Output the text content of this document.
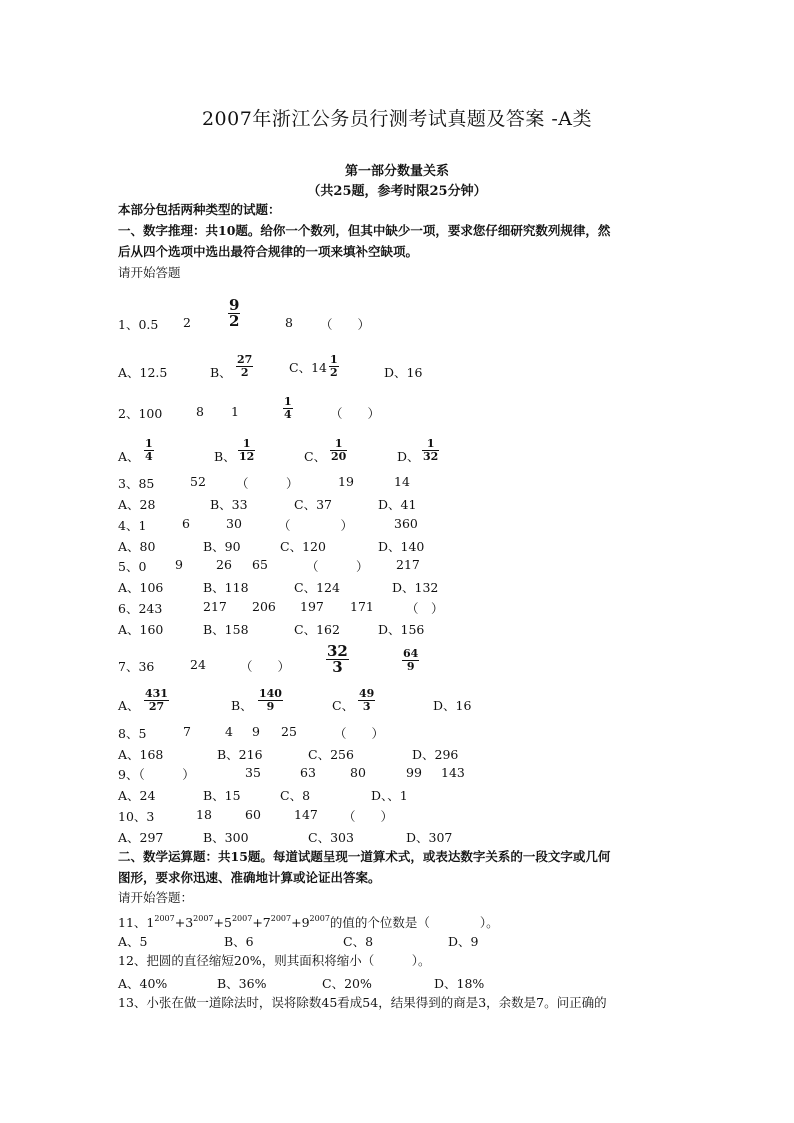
2007年浙江公务员行测考试真题及答案 -A类
第一部分数量关系
（共25题，参考时限25分钟）
本部分包括两种类型的试题：
一、数字推理：共10题。给你一个数列，但其中缺少一项，要求您仔细研究数列规律，然
后从四个选项中选出最符合规律的一项来填补空缺项。
请开始答题
1、0.5 2
9
2	8 （　　）
A、12.5	B、
27
2	C、$14 \frac{1}{2}$	D、16
2、100	8 1
1
4	（　　）
A、
1
4	B、
1
12	C、
1
20	D、
1
32
3、85	52 （　　　）	19	14
A、28	B、33	C、37	D、41
4、1	6	30	（　　　　）	360
A、80	B、90	C、120	D、140
5、0 9	26 65	（　　　） 217
A、106	B、118	C、124	D、132
6、243	217 206 197 171	（　）
A、160	B、158	C、162	D、156
7、36	24	（　　）
32
3
64
9
A、
431
27	B、
140
9	C、
49
3	D、16
8、5	7	4 9 25	（　　）
A、168	B、216	C、256	D、296
9、（　　　）	35	63	80	99 143
A、24	B、15	C、8	D、、1
10、3	18	60	147 （　　）
A、297	B、300	C、303	D、307
二、数学运算题：共15题。每道试题呈现一道算术式，或表达数字关系的一段文字或几何
图形，要求你迅速、准确地计算或论证出答案。
请开始答题：
11、$1^{2007}+3^{2007}+5^{2007}+7^{2007}+9^{2007}$的值的个位数是（　　　　）。
A、5	B、6	C、8	D、9
12、把圆的直径缩短20%，则其面积将缩小（　　　）。
A、40%	B、36%	C、20%	D、18%
13、小张在做一道除法时，误将除数45看成54，结果得到的商是3，余数是7。问正确的
